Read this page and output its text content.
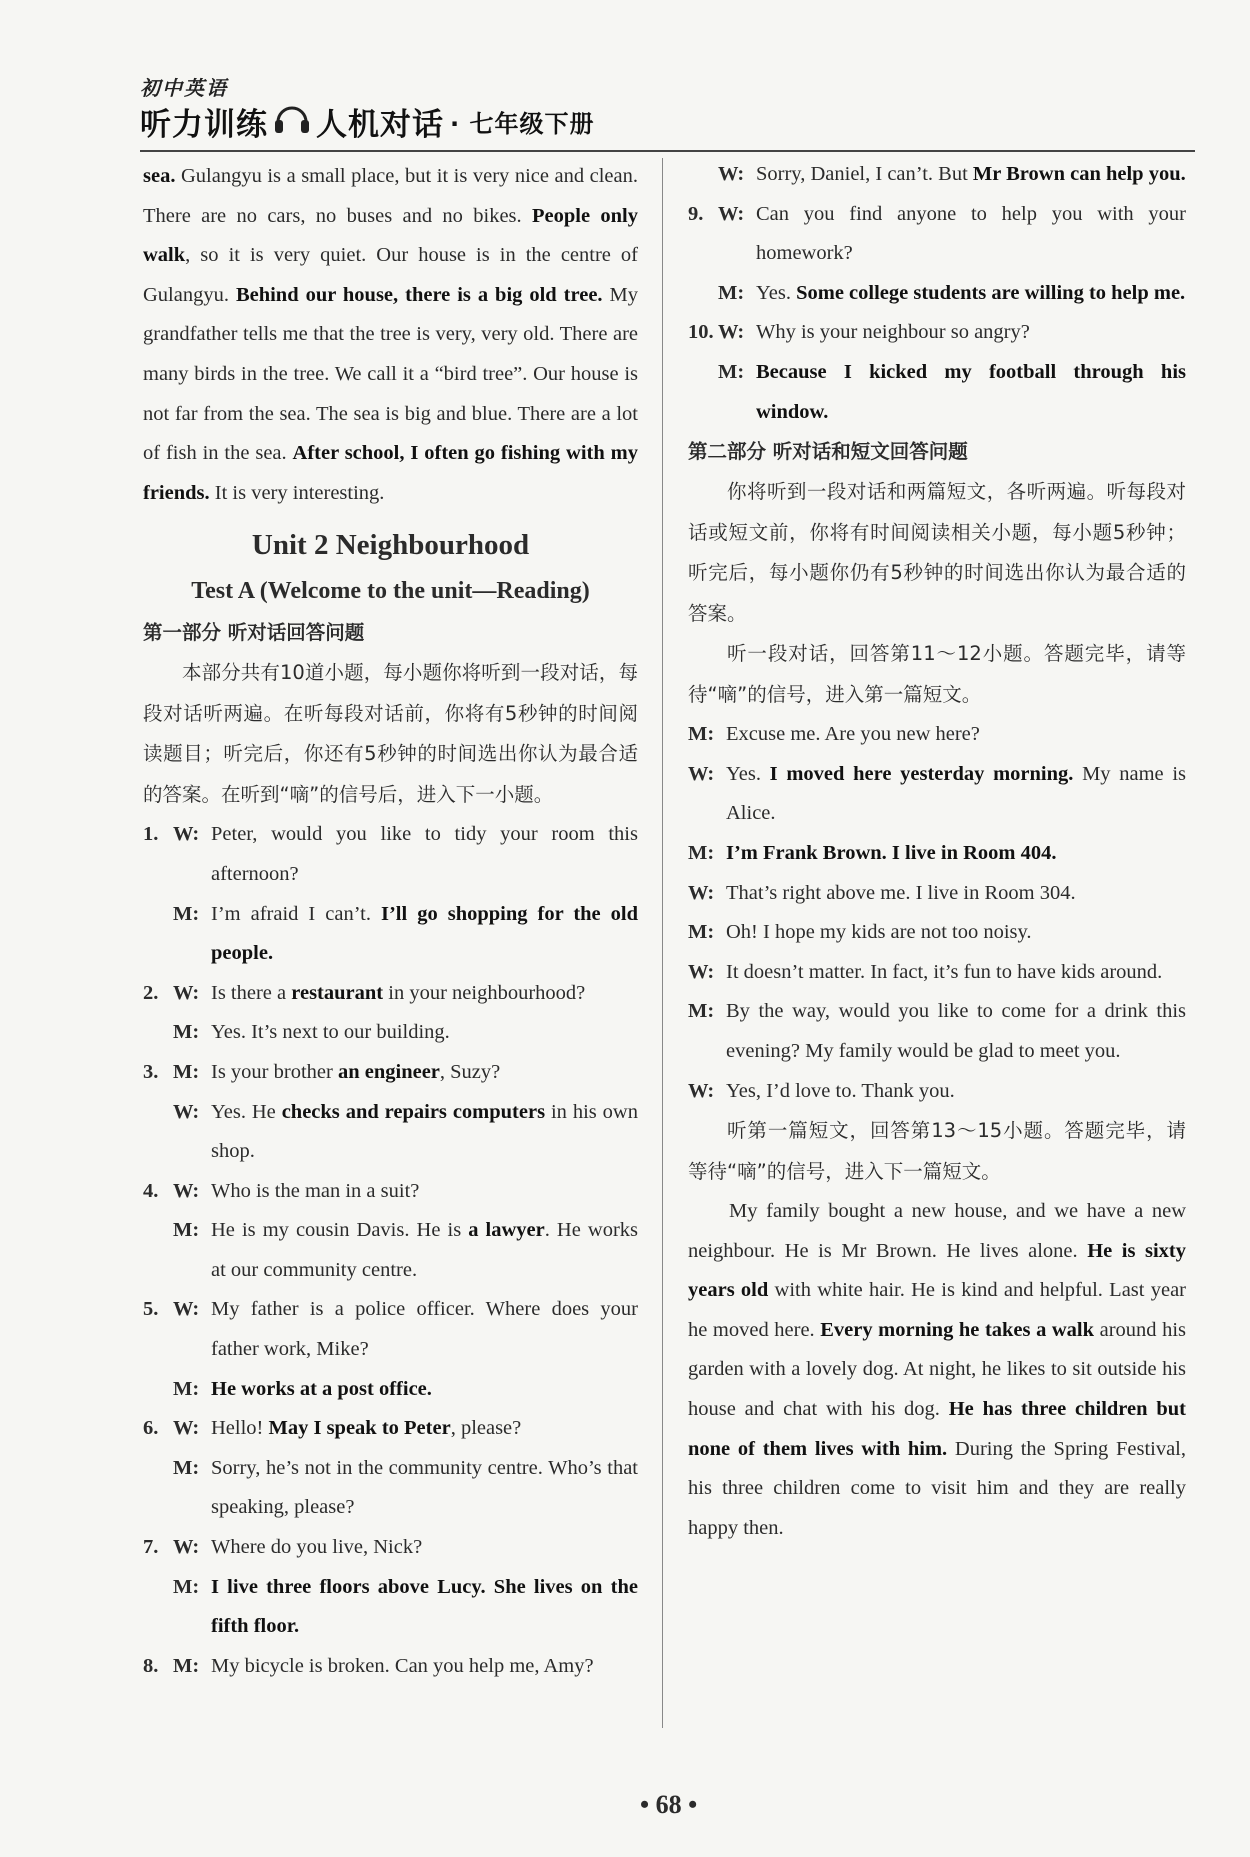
初中英语
听力训练 人机对话 · 七年级下册

sea. Gulangyu is a small place, but it is very nice and clean. There are no cars, no buses and no bikes. People only walk, so it is very quiet. Our house is in the centre of Gulangyu. Behind our house, there is a big old tree. My grandfather tells me that the tree is very, very old. There are many birds in the tree. We call it a “bird tree”. Our house is not far from the sea. The sea is big and blue. There are a lot of fish in the sea. After school, I often go fishing with my friends. It is very interesting.

Unit 2 Neighbourhood
Test A (Welcome to the unit—Reading)
第一部分 听对话回答问题
本部分共有10道小题，每小题你将听到一段对话，每段对话听两遍。在听每段对话前，你将有5秒钟的时间阅读题目；听完后，你还有5秒钟的时间选出你认为最合适的答案。在听到“嘀”的信号后，进入下一小题。
1. W: Peter, would you like to tidy your room this afternoon?
M: I’m afraid I can’t. I’ll go shopping for the old people.
2. W: Is there a restaurant in your neighbourhood?
M: Yes. It’s next to our building.
3. M: Is your brother an engineer, Suzy?
W: Yes. He checks and repairs computers in his own shop.
4. W: Who is the man in a suit?
M: He is my cousin Davis. He is a lawyer. He works at our community centre.
5. W: My father is a police officer. Where does your father work, Mike?
M: He works at a post office.
6. W: Hello! May I speak to Peter, please?
M: Sorry, he’s not in the community centre. Who’s that speaking, please?
7. W: Where do you live, Nick?
M: I live three floors above Lucy. She lives on the fifth floor.
8. M: My bicycle is broken. Can you help me, Amy?
W: Sorry, Daniel, I can’t. But Mr Brown can help you.
9. W: Can you find anyone to help you with your homework?
M: Yes. Some college students are willing to help me.
10. W: Why is your neighbour so angry?
M: Because I kicked my football through his window.
第二部分 听对话和短文回答问题
你将听到一段对话和两篇短文，各听两遍。听每段对话或短文前，你将有时间阅读相关小题，每小题5秒钟；听完后，每小题你仍有5秒钟的时间选出你认为最合适的答案。
听一段对话，回答第11～12小题。答题完毕，请等待“嘀”的信号，进入第一篇短文。
M: Excuse me. Are you new here?
W: Yes. I moved here yesterday morning. My name is Alice.
M: I’m Frank Brown. I live in Room 404.
W: That’s right above me. I live in Room 304.
M: Oh! I hope my kids are not too noisy.
W: It doesn’t matter. In fact, it’s fun to have kids around.
M: By the way, would you like to come for a drink this evening? My family would be glad to meet you.
W: Yes, I’d love to. Thank you.
听第一篇短文，回答第13～15小题。答题完毕，请等待“嘀”的信号，进入下一篇短文。

My family bought a new house, and we have a new neighbour. He is Mr Brown. He lives alone. He is sixty years old with white hair. He is kind and helpful. Last year he moved here. Every morning he takes a walk around his garden with a lovely dog. At night, he likes to sit outside his house and chat with his dog. He has three children but none of them lives with him. During the Spring Festival, his three children come to visit him and they are really happy then.

• 68 •
